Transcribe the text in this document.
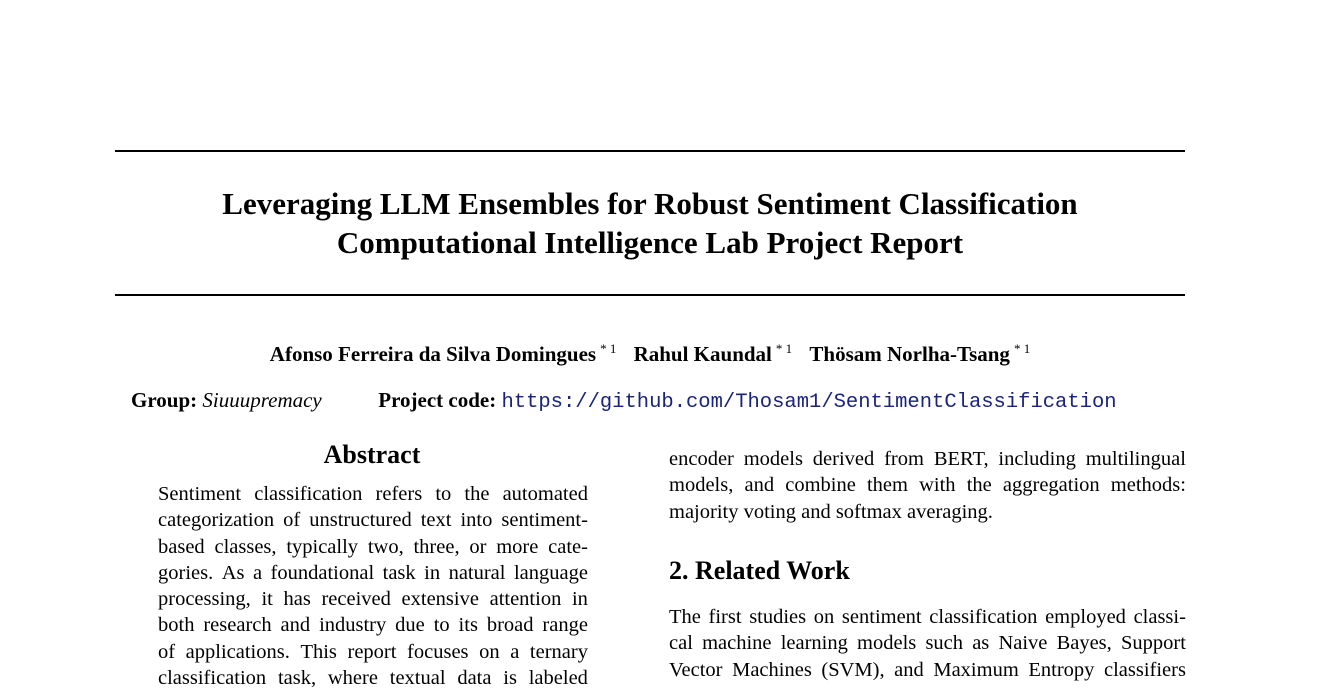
Leveraging LLM Ensembles for Robust Sentiment Classification
Computational Intelligence Lab Project Report
Afonso Ferreira da Silva Domingues $^{* 1}$ Rahul Kaundal $^{* 1}$ Thösam Norlha-Tsang $^{* 1}$
Group: Siuuupremacy	Project code: https://github.com/Thosam1/SentimentClassification
Abstract
Sentiment classification refers to the automated
categorization of unstructured text into sentiment-
based classes, typically two, three, or more cate-
gories. As a foundational task in natural language
processing, it has received extensive attention in
both research and industry due to its broad range
of applications. This report focuses on a ternary
classification task, where textual data is labeled
encoder models derived from BERT, including multilingual
models, and combine them with the aggregation methods:
majority voting and softmax averaging.
2. Related Work
The first studies on sentiment classification employed classi-
cal machine learning models such as Naive Bayes, Support
Vector Machines (SVM), and Maximum Entropy classifiers
